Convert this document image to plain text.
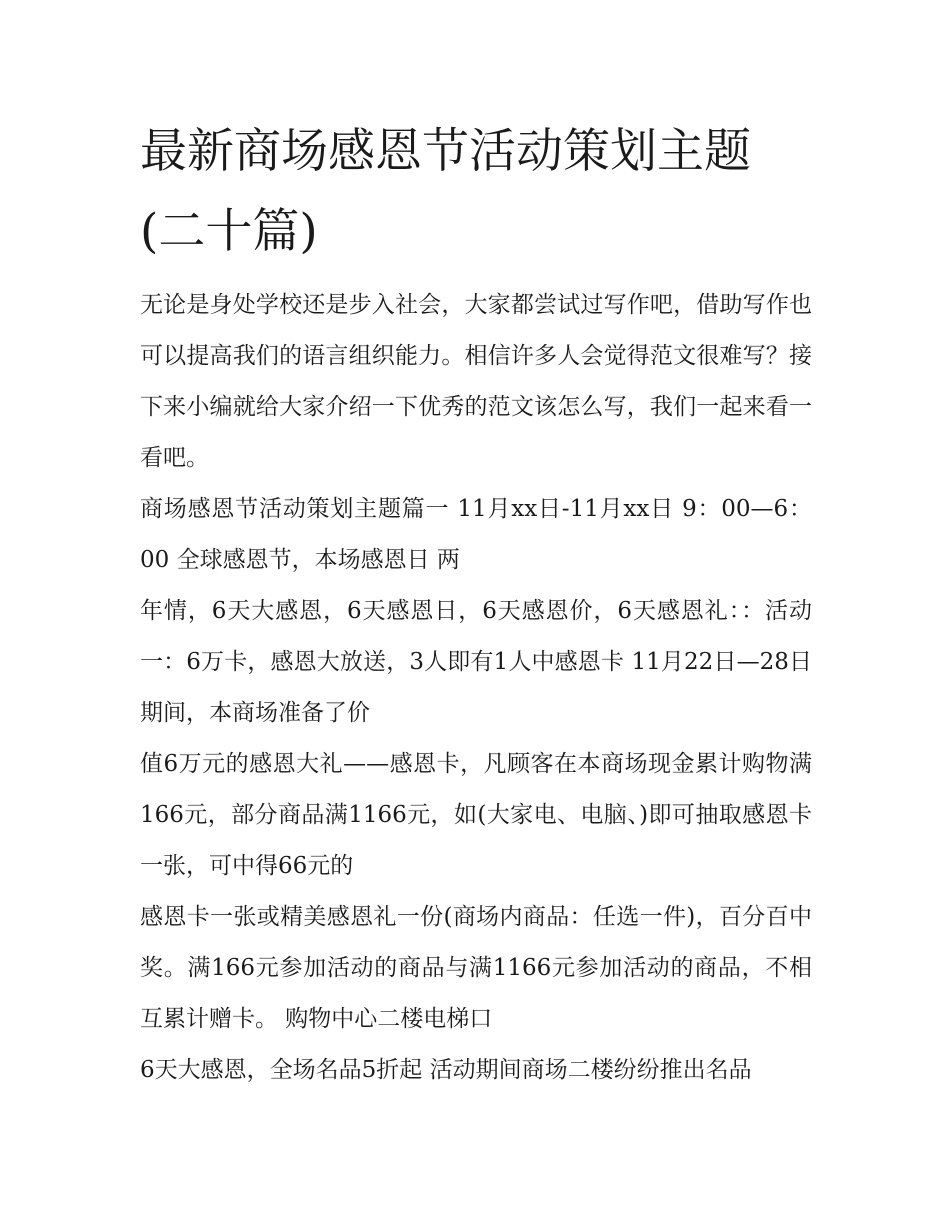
最新商场感恩节活动策划主题(二十篇)

无论是身处学校还是步入社会，大家都尝试过写作吧，借助写作也可以提高我们的语言组织能力。相信许多人会觉得范文很难写？接下来小编就给大家介绍一下优秀的范文该怎么写，我们一起来看一看吧。

商场感恩节活动策划主题篇一 11月xx日-11月xx日 9：00—6：00 全球感恩节，本场感恩日 两

年情，6天大感恩，6天感恩日，6天感恩价，6天感恩礼：：活动一：6万卡，感恩大放送，3人即有1人中感恩卡 11月22日—28日期间，本商场准备了价

值6万元的感恩大礼——感恩卡，凡顾客在本商场现金累计购物满166元，部分商品满1166元，如(大家电、电脑、)即可抽取感恩卡一张，可中得66元的

感恩卡一张或精美感恩礼一份(商场内商品：任选一件)，百分百中奖。满166元参加活动的商品与满1166元参加活动的商品，不相互累计赠卡。 购物中心二楼电梯口

6天大感恩，全场名品5折起 活动期间商场二楼纷纷推出名品
